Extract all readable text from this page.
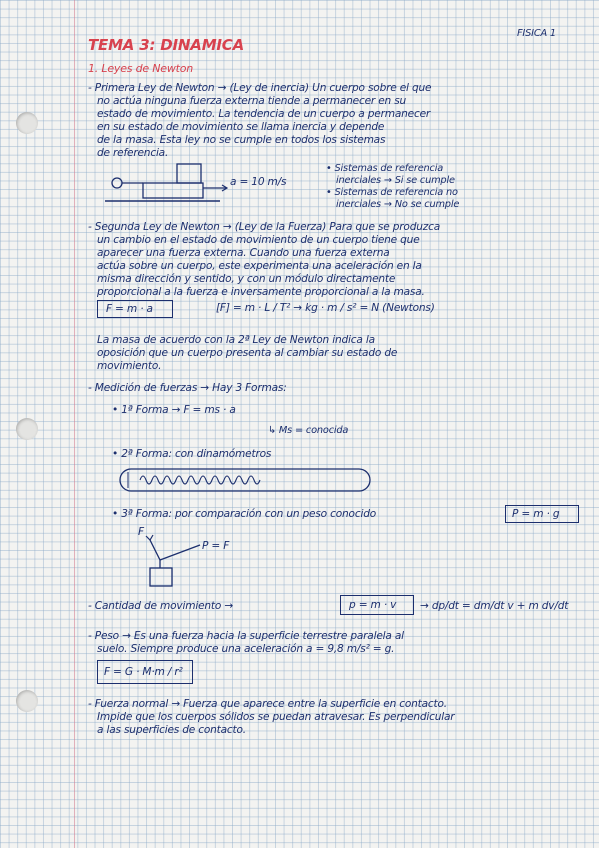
TEMA 3: DINAMICA
FISICA 1
1. Leyes de Newton
- Primera Ley de Newton → (Ley de inercia) Un cuerpo sobre el que
no actúa ninguna fuerza externa tiende a permanecer en su
estado de movimiento. La tendencia de un cuerpo a permanecer
en su estado de movimiento se llama inercia y depende
de la masa. Esta ley no se cumple en todos los sistemas
de referencia.
a = 10 m/s
• Sistemas de referencia
inerciales → Si se cumple
• Sistemas de referencia no
inerciales → No se cumple
- Segunda Ley de Newton → (Ley de la Fuerza) Para que se produzca
un cambio en el estado de movimiento de un cuerpo tiene que
aparecer una fuerza externa. Cuando una fuerza externa
actúa sobre un cuerpo, este experimenta una aceleración en la
misma dirección y sentido, y con un módulo directamente
proporcional a la fuerza e inversamente proporcional a la masa.
F = m · a	[F] = m · L / T² → kg · m / s² = N (Newtons)
La masa de acuerdo con la 2ª Ley de Newton indica la
oposición que un cuerpo presenta al cambiar su estado de
movimiento.
- Medición de fuerzas → Hay 3 Formas:
• 1ª Forma → F = ms · a
↳ Ms = conocida
• 2ª Forma: con dinamómetros
• 3ª Forma: por comparación con un peso conocido	P = m · g
F
P = F
- Cantidad de movimiento →	p = m · v → dp/dt = dm/dt v + m dv/dt
- Peso → Es una fuerza hacia la superficie terrestre paralela al
suelo. Siempre produce una aceleración a = 9,8 m/s² = g.
F = G · M·m / r²
- Fuerza normal → Fuerza que aparece entre la superficie en contacto.
Impide que los cuerpos sólidos se puedan atravesar. Es perpendicular
a las superficies de contacto.
